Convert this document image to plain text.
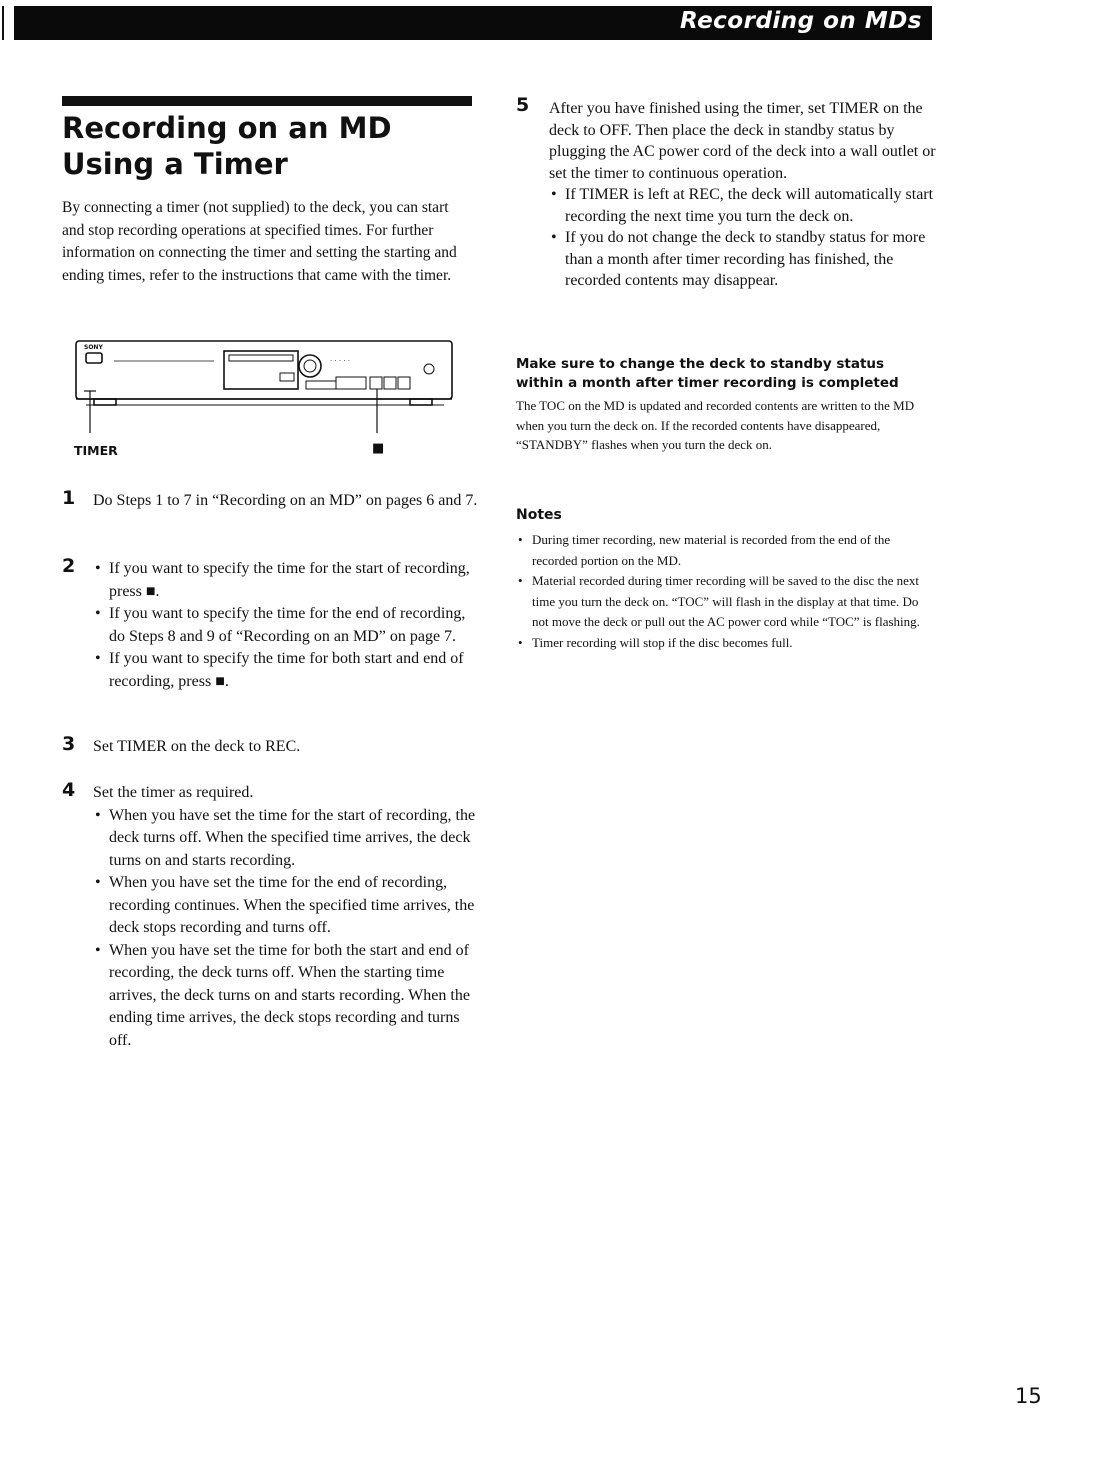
Recording on MDs
Recording on an MD Using a Timer

By connecting a timer (not supplied) to the deck, you can start and stop recording operations at specified times. For further information on connecting the timer and setting the starting and ending times, refer to the instructions that came with the timer.

SONY
· · · · ·
TIMER	■
1 Do Steps 1 to 7 in “Recording on an MD” on pages 6 and 7.

2
•	If you want to specify the time for the start of recording, press ■.
• If you want to specify the time for the end of recording, do Steps 8 and 9 of “Recording on an MD” on page 7.
• If you want to specify the time for both start and end of recording, press ■.
3 Set TIMER on the deck to REC.

4 Set the timer as required.

• When you have set the time for the start of recording, the deck turns off. When the specified time arrives, the deck turns on and starts recording.
• When you have set the time for the end of recording, recording continues. When the specified time arrives, the deck stops recording and turns off.
• When you have set the time for both the start and end of recording, the deck turns off. When the starting time arrives, the deck turns on and starts recording. When the ending time arrives, the deck stops recording and turns off.
5 After you have finished using the timer, set TIMER on the deck to OFF. Then place the deck in standby status by plugging the AC power cord of the deck into a wall outlet or set the timer to continuous operation.

• If TIMER is left at REC, the deck will automatically start recording the next time you turn the deck on.
• If you do not change the deck to standby status for more than a month after timer recording has finished, the recorded contents may disappear.
Make sure to change the deck to standby status within a month after timer recording is completed

The TOC on the MD is updated and recorded contents are written to the MD when you turn the deck on. If the recorded contents have disappeared, “STANDBY” flashes when you turn the deck on.

Notes
• During timer recording, new material is recorded from the end of the recorded portion on the MD.
• Material recorded during timer recording will be saved to the disc the next time you turn the deck on. “TOC” will flash in the display at that time. Do not move the deck or pull out the AC power cord while “TOC” is flashing.
• Timer recording will stop if the disc becomes full.
15
